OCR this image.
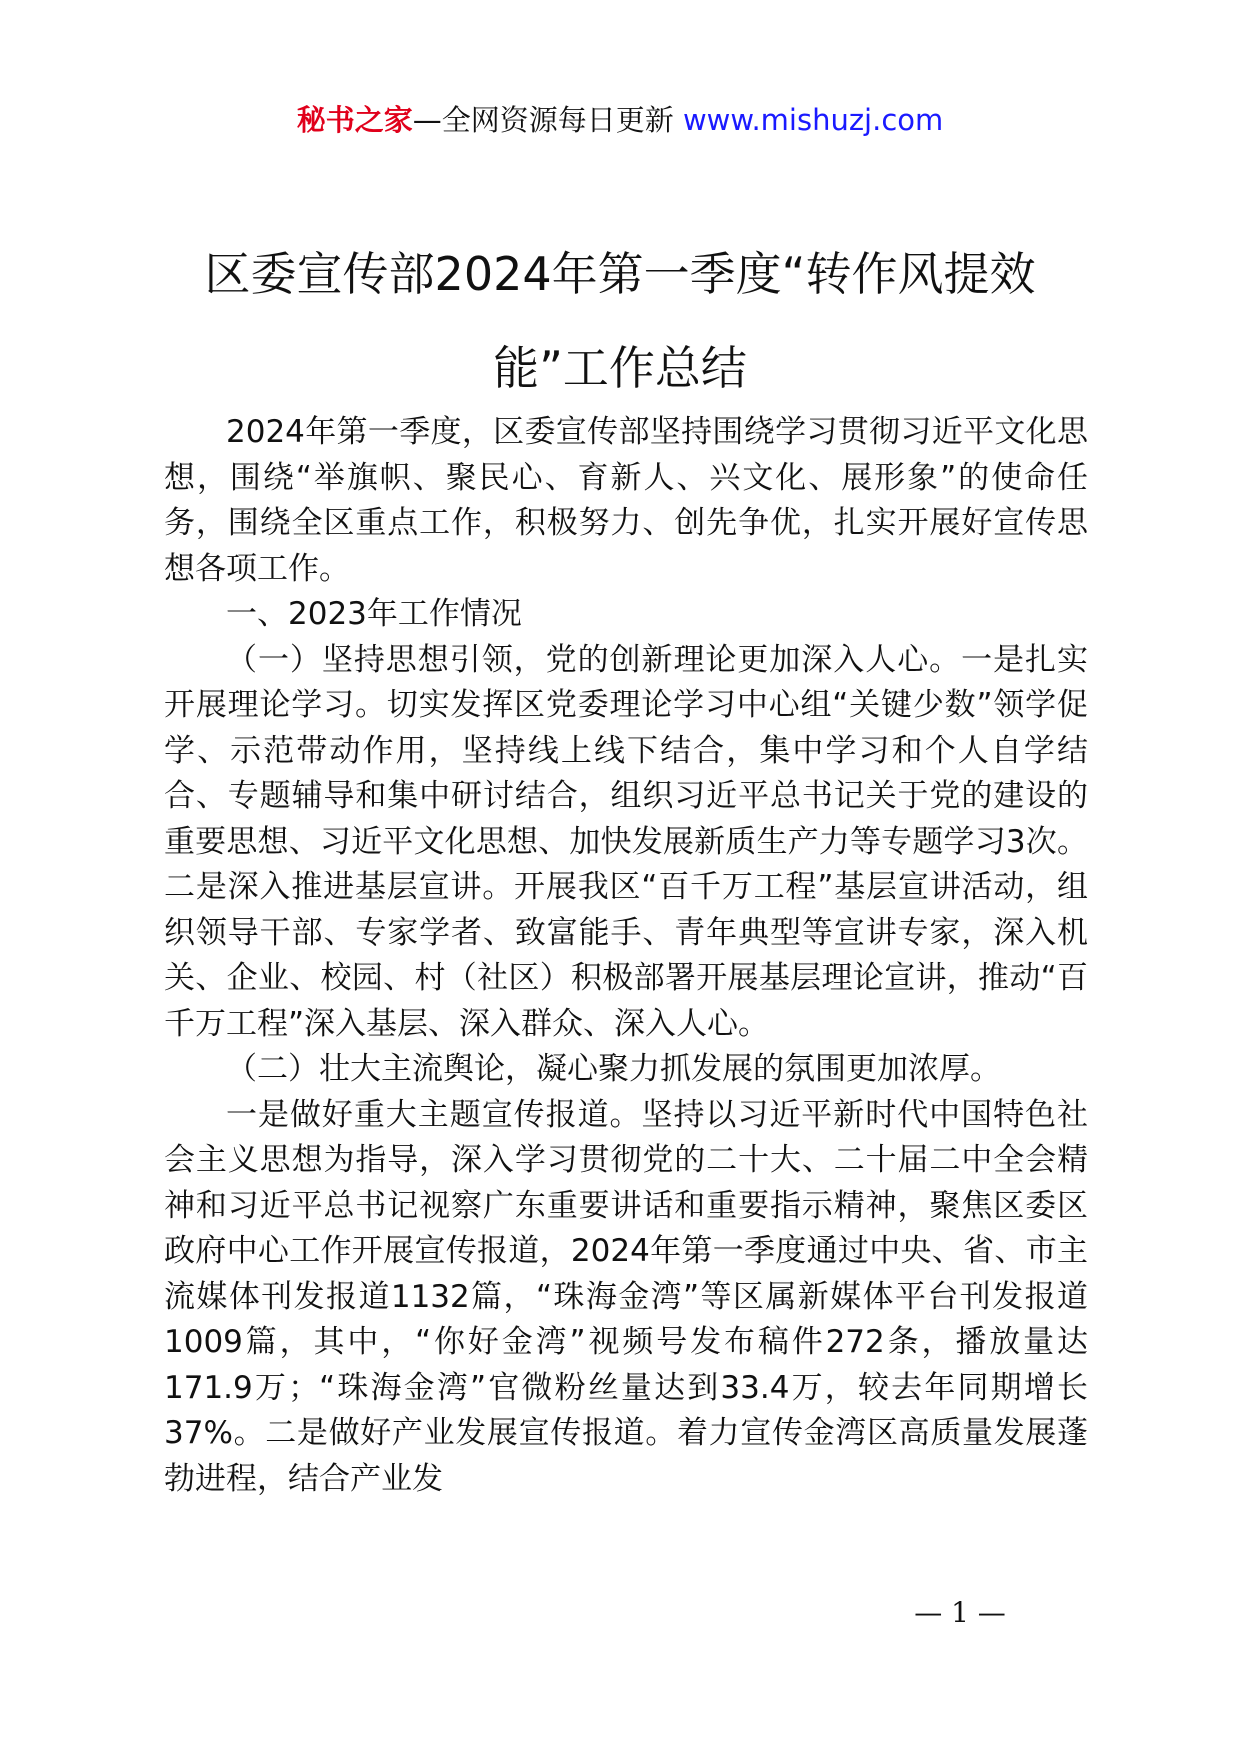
秘书之家—全网资源每日更新 www.mishuzj.com
区委宣传部2024年第一季度“转作风提效
能”工作总结

2024年第一季度，区委宣传部坚持围绕学习贯彻习近平文化思想，围绕“举旗帜、聚民心、育新人、兴文化、展形象”的使命任务，围绕全区重点工作，积极努力、创先争优，扎实开展好宣传思想各项工作。

一、2023年工作情况

（一）坚持思想引领，党的创新理论更加深入人心。一是扎实开展理论学习。切实发挥区党委理论学习中心组“关键少数”领学促学、示范带动作用，坚持线上线下结合，集中学习和个人自学结合、专题辅导和集中研讨结合，组织习近平总书记关于党的建设的重要思想、习近平文化思想、加快发展新质生产力等专题学习3次。二是深入推进基层宣讲。开展我区“百千万工程”基层宣讲活动，组织领导干部、专家学者、致富能手、青年典型等宣讲专家，深入机关、企业、校园、村（社区）积极部署开展基层理论宣讲，推动“百千万工程”深入基层、深入群众、深入人心。

（二）壮大主流舆论，凝心聚力抓发展的氛围更加浓厚。

一是做好重大主题宣传报道。坚持以习近平新时代中国特色社会主义思想为指导，深入学习贯彻党的二十大、二十届二中全会精神和习近平总书记视察广东重要讲话和重要指示精神，聚焦区委区政府中心工作开展宣传报道，2024年第一季度通过中央、省、市主流媒体刊发报道1132篇，“珠海金湾”等区属新媒体平台刊发报道1009篇，其中，“你好金湾”视频号发布稿件272条，播放量达171.9万；“珠海金湾”官微粉丝量达到33.4万，较去年同期增长37%。二是做好产业发展宣传报道。着力宣传金湾区高质量发展蓬勃进程，结合产业发

— 1 —
